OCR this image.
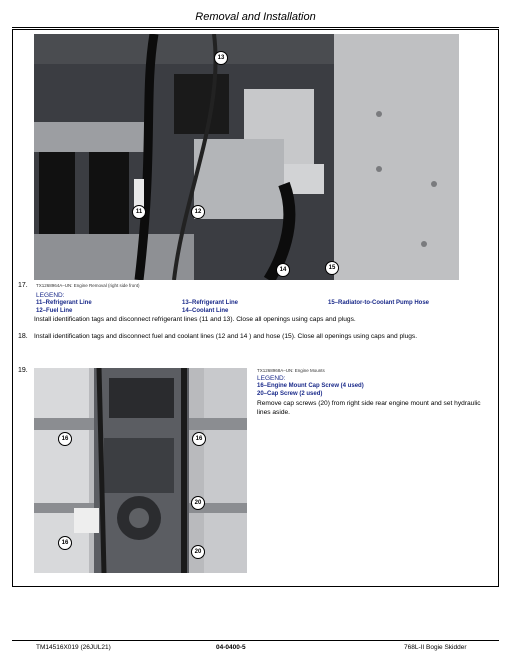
Removal and Installation
13
11	12
14	15
17. TX1268964A–UN: Engine Removal (right side front)
LEGEND:
11–Refrigerant Line
12–Fuel Line
13–Refrigerant Line
14–Coolant Line
15–Radiator-to-Coolant Pump Hose
Install identification tags and disconnect refrigerant lines (11 and 13). Close all openings using caps and plugs.
18. Install identification tags and disconnect fuel and coolant lines (12 and 14 ) and hose (15). Close all openings using caps and plugs.
19.
16
16
16
20
20
TX1268968A–UN: Engine Mounts
LEGEND:
16–Engine Mount Cap Screw (4 used)
20–Cap Screw (2 used)
Remove cap screws (20) from right side rear engine mount and set hydraulic lines aside.
TM14516X019 (26JUL21)	04-0400-5	768L-II Bogie Skidder
